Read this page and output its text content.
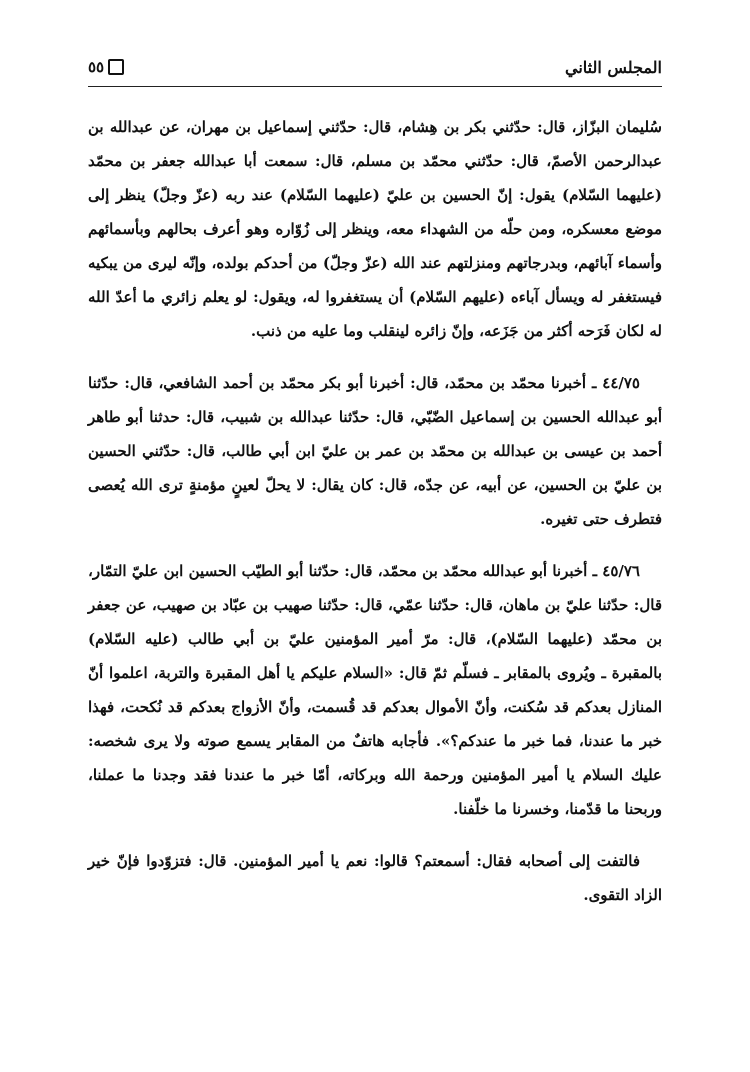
المجلس الثاني
٥٥

سُليمان البزّاز، قال: حدّثني بكر بن هِشام، قال: حدّثني إسماعيل بن مهران، عن عبدالله بن عبدالرحمن الأصمّ، قال: حدّثني محمّد بن مسلم، قال: سمعت أبا عبدالله جعفر بن محمّد (عليهما السّلام) يقول: إنّ الحسين بن عليّ (عليهما السّلام) عند ربه (عزّ وجلّ) ينظر إلى موضع معسكره، ومن حلّه من الشهداء معه، وينظر إلى زُوّاره وهو أعرف بحالهم وبأسمائهم وأسماء آبائهم، وبدرجاتهم ومنزلتهم عند الله (عزّ وجلّ) من أحدكم بولده، وإنّه ليرى من يبكيه فيستغفر له ويسأل آباءه (عليهم السّلام) أن يستغفروا له، ويقول: لو يعلم زائري ما أعدّ الله له لكان فَرَحه أكثر من جَزَعه، وإنّ زائره لينقلب وما عليه من ذنب.

٤٤/٧٥ ـ أخبرنا محمّد بن محمّد، قال: أخبرنا أبو بكر محمّد بن أحمد الشافعي، قال: حدّثنا أبو عبدالله الحسين بن إسماعيل الضّبّي، قال: حدّثنا عبدالله بن شبيب، قال: حدثنا أبو طاهر أحمد بن عيسى بن عبدالله بن محمّد بن عمر بن عليّ ابن أبي طالب، قال: حدّثني الحسين بن عليّ بن الحسين، عن أبيه، عن جدّه، قال: كان يقال: لا يحلّ لعينٍ مؤمنةٍ ترى الله يُعصى فتطرف حتى تغيره.

٤٥/٧٦ ـ أخبرنا أبو عبدالله محمّد بن محمّد، قال: حدّثنا أبو الطيّب الحسين ابن عليّ التمّار، قال: حدّثنا عليّ بن ماهان، قال: حدّثنا عمّي، قال: حدّثنا صهيب بن عبّاد بن صهيب، عن جعفر بن محمّد (عليهما السّلام)، قال: مرّ أمير المؤمنين عليّ بن أبي طالب (عليه السّلام) بالمقبرة ـ ويُروى بالمقابر ـ فسلّم ثمّ قال: «السلام عليكم يا أهل المقبرة والتربة، اعلموا أنّ المنازل بعدكم قد سُكنت، وأنّ الأموال بعدكم قد قُسمت، وأنّ الأزواج بعدكم قد نُكحت، فهذا خبر ما عندنا، فما خبر ما عندكم؟». فأجابه هاتفٌ من المقابر يسمع صوته ولا يرى شخصه: عليك السلام يا أمير المؤمنين ورحمة الله وبركاته، أمّا خبر ما عندنا فقد وجدنا ما عملنا، وربحنا ما قدّمنا، وخسرنا ما خلّفنا.

فالتفت إلى أصحابه فقال: أسمعتم؟ قالوا: نعم يا أمير المؤمنين. قال: فتزوّدوا فإنّ خير الزاد التقوى.
